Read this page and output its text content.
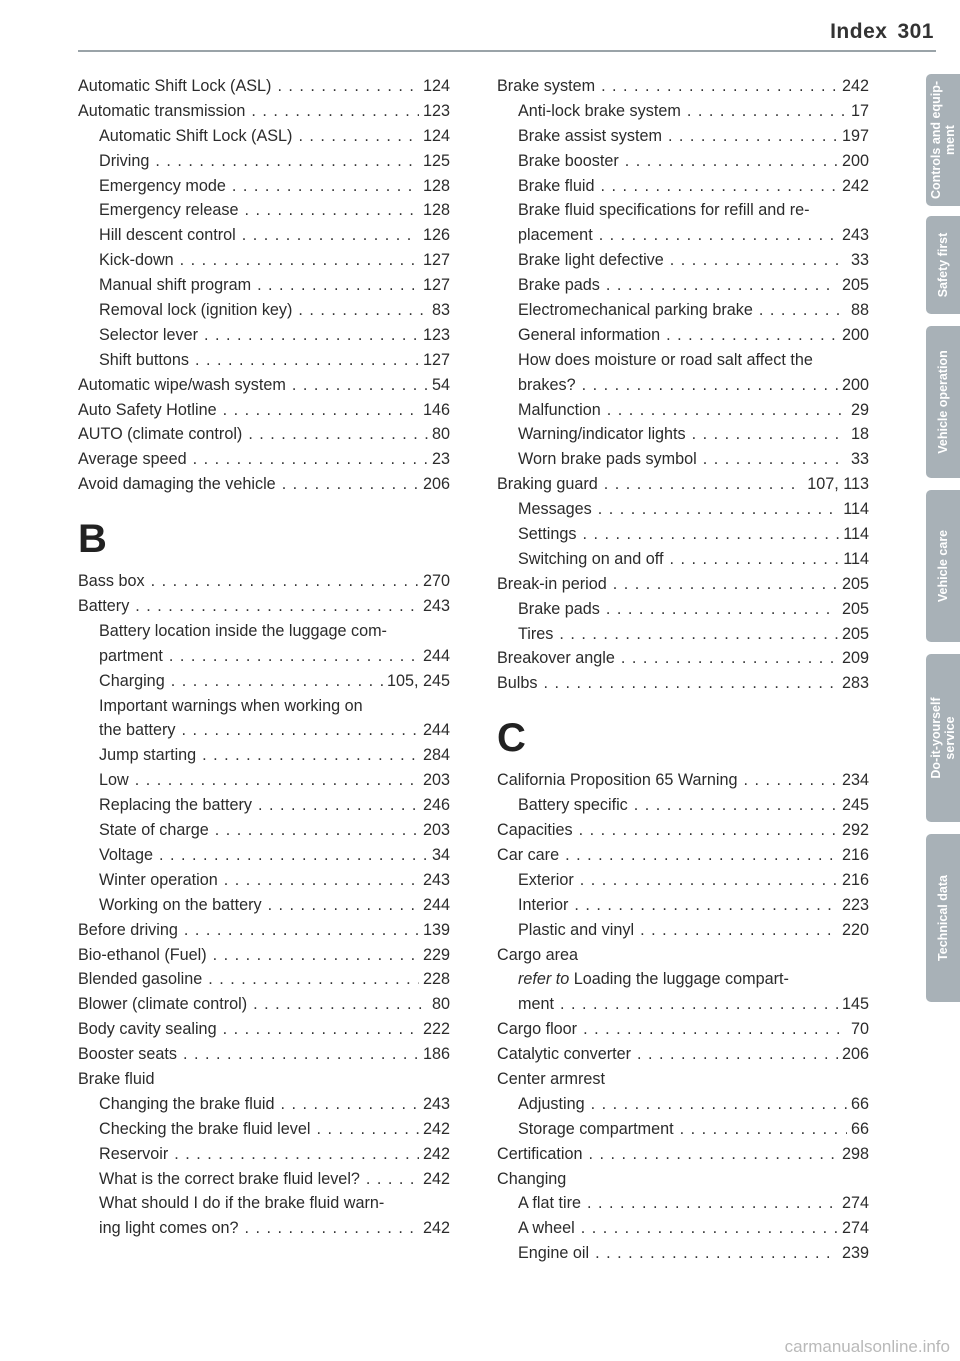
Index 301
Automatic Shift Lock (ASL) . . .	124
Automatic transmission . . .	123
Automatic Shift Lock (ASL) . . .	124
Driving . . .	125
Emergency mode . . .	128
Emergency release . . .	128
Hill descent control . . .	126
Kick-down . . .	127
Manual shift program . . .	127
Removal lock (ignition key) . . .	83
Selector lever . . .	123
Shift buttons . . .	127
Automatic wipe/wash system . . .	54
Auto Safety Hotline . . .	146
AUTO (climate control) . . .	80
Average speed . . .	23
Avoid damaging the vehicle . . .	206
B
Bass box . . .	270
Battery . . .	243
Battery location inside the luggage com-
partment . . .	244
Charging . . .	105, 245
Important warnings when working on
the battery . . .	244
Jump starting . . .	284
Low . . .	203
Replacing the battery . . .	246
State of charge . . .	203
Voltage . . .	34
Winter operation . . .	243
Working on the battery . . .	244
Before driving . . .	139
Bio-ethanol (Fuel) . . .	229
Blended gasoline . . .	228
Blower (climate control) . . .	80
Body cavity sealing . . .	222
Booster seats . . .	186
Brake fluid
Changing the brake fluid . . .	243
Checking the brake fluid level . . .	242
Reservoir . . .	242
What is the correct brake fluid level? . . .	242
What should I do if the brake fluid warn-
ing light comes on? . . .	242
Brake system . . .	242
Anti-lock brake system . . .	17
Brake assist system . . .	197
Brake booster . . .	200
Brake fluid . . .	242
Brake fluid specifications for refill and re-
placement . . .	243
Brake light defective . . .	33
Brake pads . . .	205
Electromechanical parking brake . . .	88
General information . . .	200
How does moisture or road salt affect the
brakes? . . .	200
Malfunction . . .	29
Warning/indicator lights . . .	18
Worn brake pads symbol . . .	33
Braking guard . . .	107, 113
Messages . . .	114
Settings . . .	114
Switching on and off . . .	114
Break-in period . . .	205
Brake pads . . .	205
Tires . . .	205
Breakover angle . . .	209
Bulbs . . .	283
C
California Proposition 65 Warning . . .	234
Battery specific . . .	245
Capacities . . .	292
Car care . . .	216
Exterior . . .	216
Interior . . .	223
Plastic and vinyl . . .	220
Cargo area
refer to Loading the luggage compart-
ment . . .	145
Cargo floor . . .	70
Catalytic converter . . .	206
Center armrest
Adjusting . . .	66
Storage compartment . . .	66
Certification . . .	298
Changing
A flat tire . . .	274
A wheel . . .	274
Engine oil . . .	239
Controls and equip-
ment
Safety first
Vehicle operation
Vehicle care
Do-it-yourself
service
Technical data
carmanualsonline.info
